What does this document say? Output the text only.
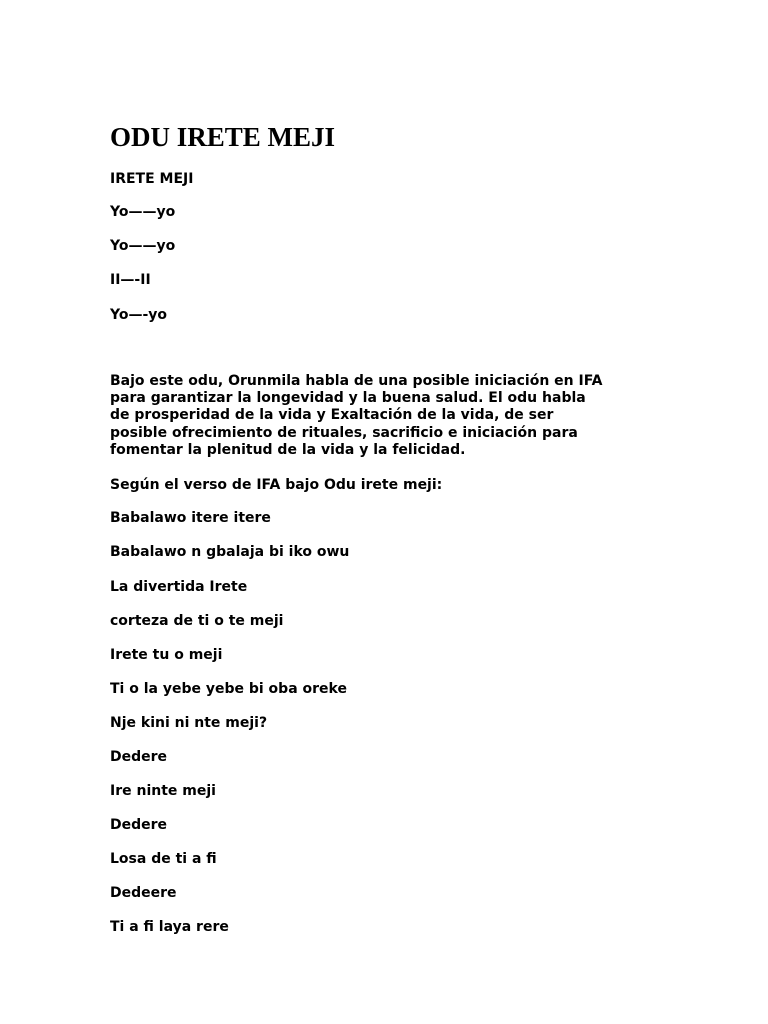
ODU IRETE MEJI

IRETE MEJI

Yo——yo

Yo——yo

II—-II

Yo—-yo

Bajo este odu, Orunmila habla de una posible iniciación en IFA
para garantizar la longevidad y la buena salud. El odu habla
de prosperidad de la vida y Exaltación de la vida, de ser
posible ofrecimiento de rituales, sacrificio e iniciación para
fomentar la plenitud de la vida y la felicidad.

Según el verso de IFA bajo Odu irete meji:

Babalawo itere itere

Babalawo n gbalaja bi iko owu

La divertida Irete

corteza de ti o te meji

Irete tu o meji

Ti o la yebe yebe bi oba oreke

Nje kini ni nte meji?

Dedere

Ire ninte meji

Dedere

Losa de ti a fi

Dedeere

Ti a fi laya rere
